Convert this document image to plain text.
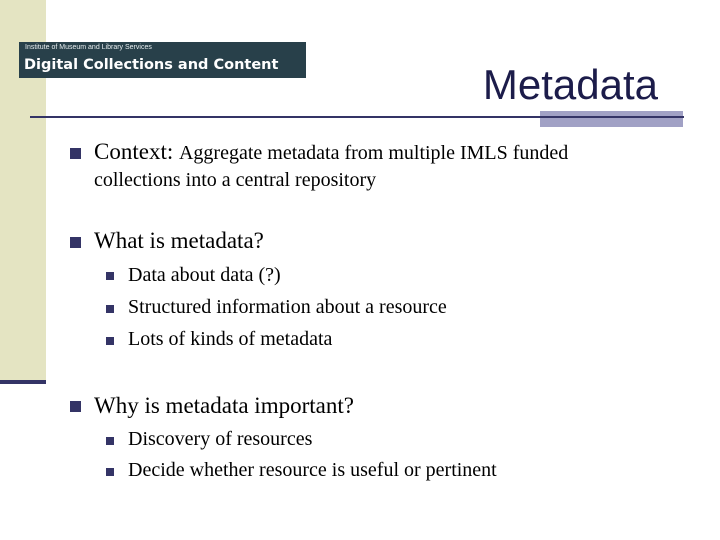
Institute of Museum and Library Services
Digital Collections and Content	Metadata
Context: Aggregate metadata from multiple IMLS funded
collections into a central repository
What is metadata?
Data about data (?)
Structured information about a resource
Lots of kinds of metadata
Why is metadata important?
Discovery of resources
Decide whether resource is useful or pertinent
